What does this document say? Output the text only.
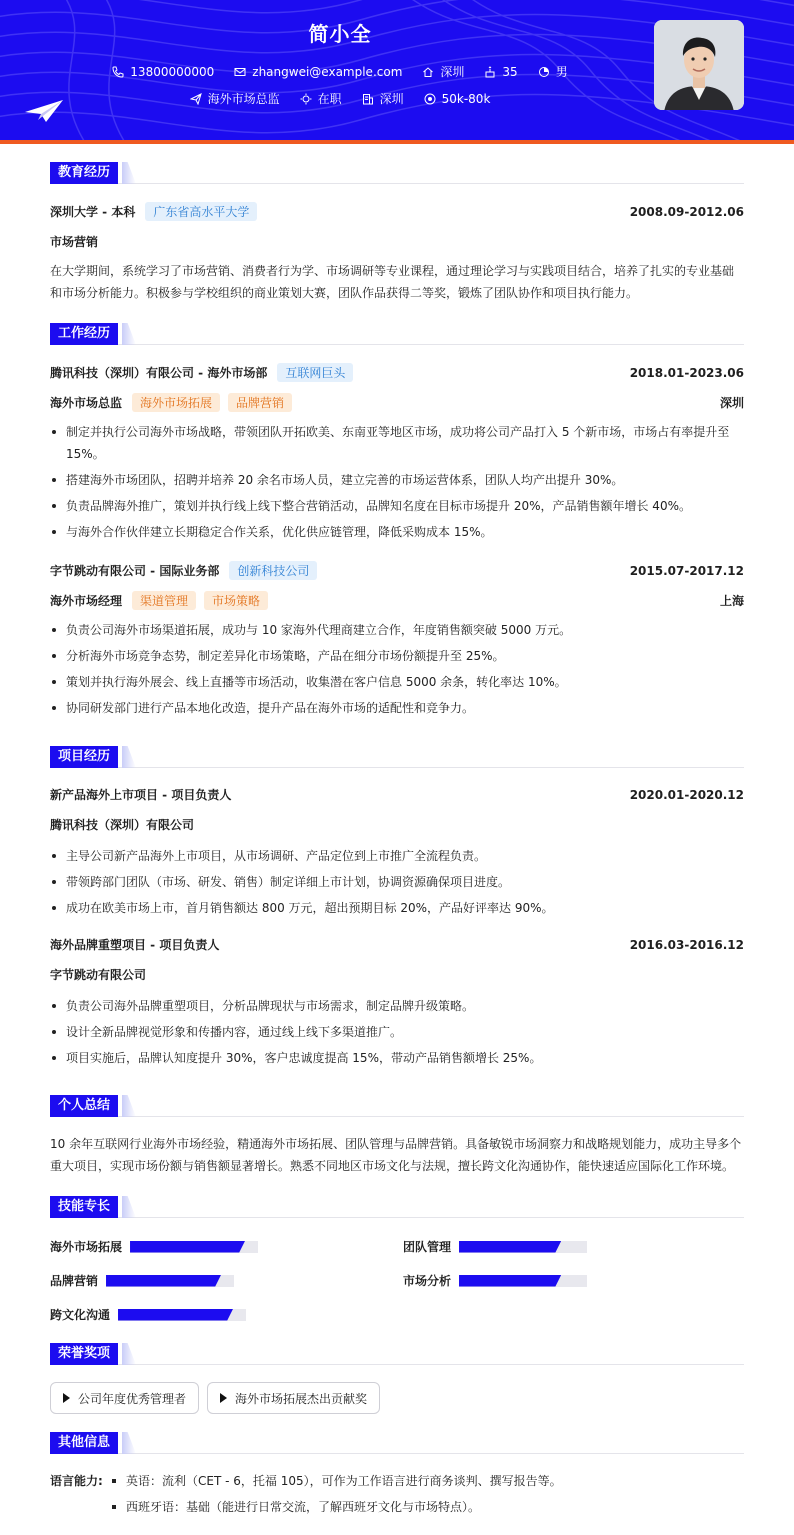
简小全
13800000000	zhangwei@example.com	深圳	35	男
海外市场总监	在职	深圳	50k-80k
教育经历
深圳大学 - 本科	广东省高水平大学	2008.09-2012.06
市场营销
在大学期间，系统学习了市场营销、消费者行为学、市场调研等专业课程，通过理论学习与实践项目结合，培养了扎实的专业基础和市场分析能力。积极参与学校组织的商业策划大赛，团队作品获得二等奖，锻炼了团队协作和项目执行能力。
工作经历
腾讯科技（深圳）有限公司 - 海外市场部	互联网巨头	2018.01-2023.06
海外市场总监	海外市场拓展	品牌营销	深圳
制定并执行公司海外市场战略，带领团队开拓欧美、东南亚等地区市场，成功将公司产品打入 5 个新市场，市场占有率提升至 15%。
搭建海外市场团队，招聘并培养 20 余名市场人员，建立完善的市场运营体系，团队人均产出提升 30%。
负责品牌海外推广，策划并执行线上线下整合营销活动，品牌知名度在目标市场提升 20%，产品销售额年增长 40%。
与海外合作伙伴建立长期稳定合作关系，优化供应链管理，降低采购成本 15%。
字节跳动有限公司 - 国际业务部	创新科技公司	2015.07-2017.12
海外市场经理	渠道管理	市场策略	上海
负责公司海外市场渠道拓展，成功与 10 家海外代理商建立合作，年度销售额突破 5000 万元。
分析海外市场竞争态势，制定差异化市场策略，产品在细分市场份额提升至 25%。
策划并执行海外展会、线上直播等市场活动，收集潜在客户信息 5000 余条，转化率达 10%。
协同研发部门进行产品本地化改造，提升产品在海外市场的适配性和竞争力。
项目经历
新产品海外上市项目 - 项目负责人	2020.01-2020.12
腾讯科技（深圳）有限公司
主导公司新产品海外上市项目，从市场调研、产品定位到上市推广全流程负责。
带领跨部门团队（市场、研发、销售）制定详细上市计划，协调资源确保项目进度。
成功在欧美市场上市，首月销售额达 800 万元，超出预期目标 20%，产品好评率达 90%。
海外品牌重塑项目 - 项目负责人	2016.03-2016.12
字节跳动有限公司
负责公司海外品牌重塑项目，分析品牌现状与市场需求，制定品牌升级策略。
设计全新品牌视觉形象和传播内容，通过线上线下多渠道推广。
项目实施后，品牌认知度提升 30%，客户忠诚度提高 15%，带动产品销售额增长 25%。
个人总结
10 余年互联网行业海外市场经验，精通海外市场拓展、团队管理与品牌营销。具备敏锐市场洞察力和战略规划能力，成功主导多个重大项目，实现市场份额与销售额显著增长。熟悉不同地区市场文化与法规，擅长跨文化沟通协作，能快速适应国际化工作环境。
技能专长
海外市场拓展	团队管理
品牌营销	市场分析
跨文化沟通
荣誉奖项
公司年度优秀管理者	海外市场拓展杰出贡献奖
其他信息
语言能力:	英语：流利（CET - 6，托福 105），可作为工作语言进行商务谈判、撰写报告等。
西班牙语：基础（能进行日常交流，了解西班牙文化与市场特点）。
